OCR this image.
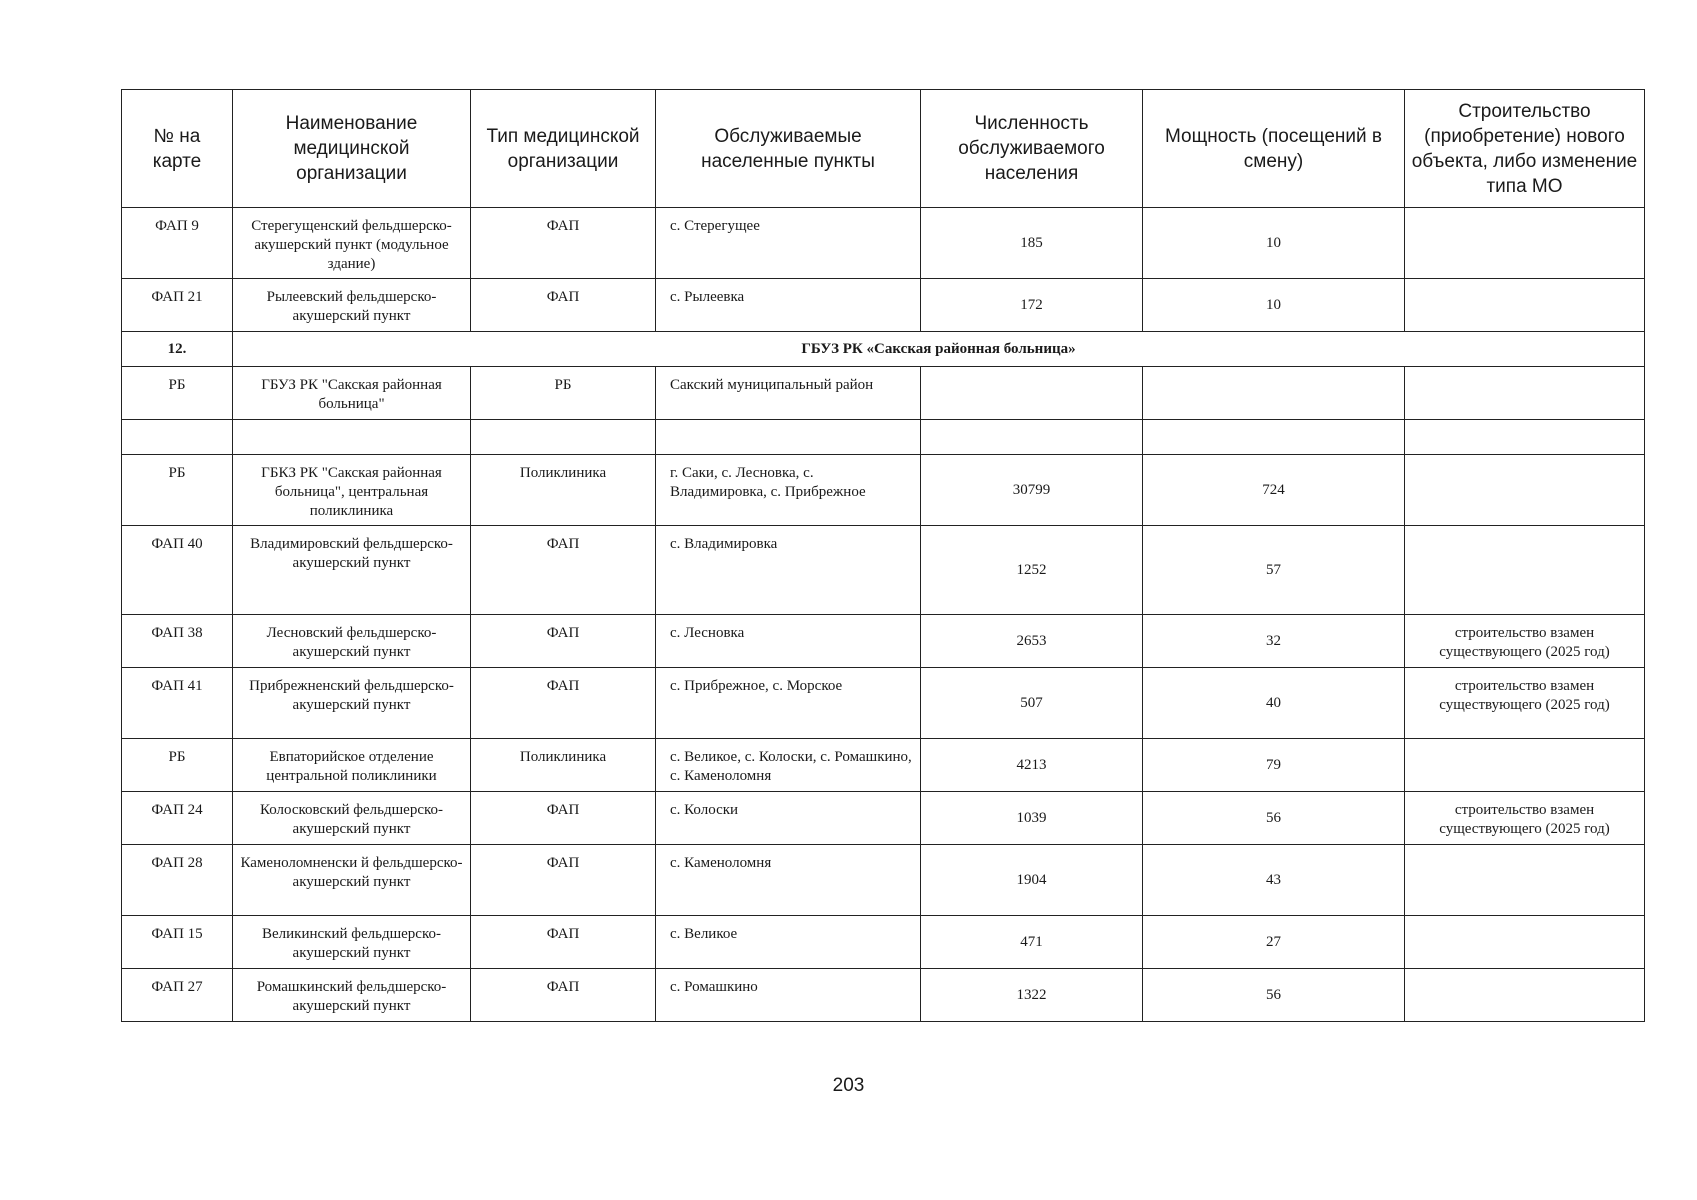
№ на карте	Наименование медицинской организации	Тип медицинской организации	Обслуживаемые населенные пункты	Численность обслуживаемого населения	Мощность (посещений в смену)	Строительство (приобретение) нового объекта, либо изменение типа МО
ФАП 9	Стерегущенский фельдшерско- акушерский пункт (модульное здание)	ФАП	с. Стерегущее	185	10	
ФАП 21	Рылеевский фельдшерско- акушерский пункт	ФАП	с. Рылеевка	172	10	
12.	ГБУЗ РК «Сакская районная больница»					
РБ	ГБУЗ РК "Сакская районная больница"	РБ	Сакский муниципальный район			

РБ	ГБКЗ РК "Сакская районная больница", центральная поликлиника	Поликлиника	г. Саки, с. Лесновка, с. Владимировка, с. Прибрежное	30799	724	
ФАП 40	Владимировский фельдшерско- акушерский пункт	ФАП	с. Владимировка	1252	57	
ФАП 38	Лесновский фельдшерско- акушерский пункт	ФАП	с. Лесновка	2653	32	строительство взамен существующего (2025 год)
ФАП 41	Прибрежненский фельдшерско- акушерский пункт	ФАП	с. Прибрежное, с. Морское	507	40	строительство взамен существующего (2025 год)
РБ	Евпаторийское отделение центральной поликлиники	Поликлиника	с. Великое, с. Колоски, с. Ромашкино, с. Каменоломня	4213	79	
ФАП 24	Колосковский фельдшерско- акушерский пункт	ФАП	с. Колоски	1039	56	строительство взамен существующего (2025 год)
ФАП 28	Каменоломненски й фельдшерско- акушерский пункт	ФАП	с. Каменоломня	1904	43	
ФАП 15	Великинский фельдшерско- акушерский пункт	ФАП	с. Великое	471	27	
ФАП 27	Ромашкинский фельдшерско- акушерский пункт	ФАП	с. Ромашкино	1322	56	
203
